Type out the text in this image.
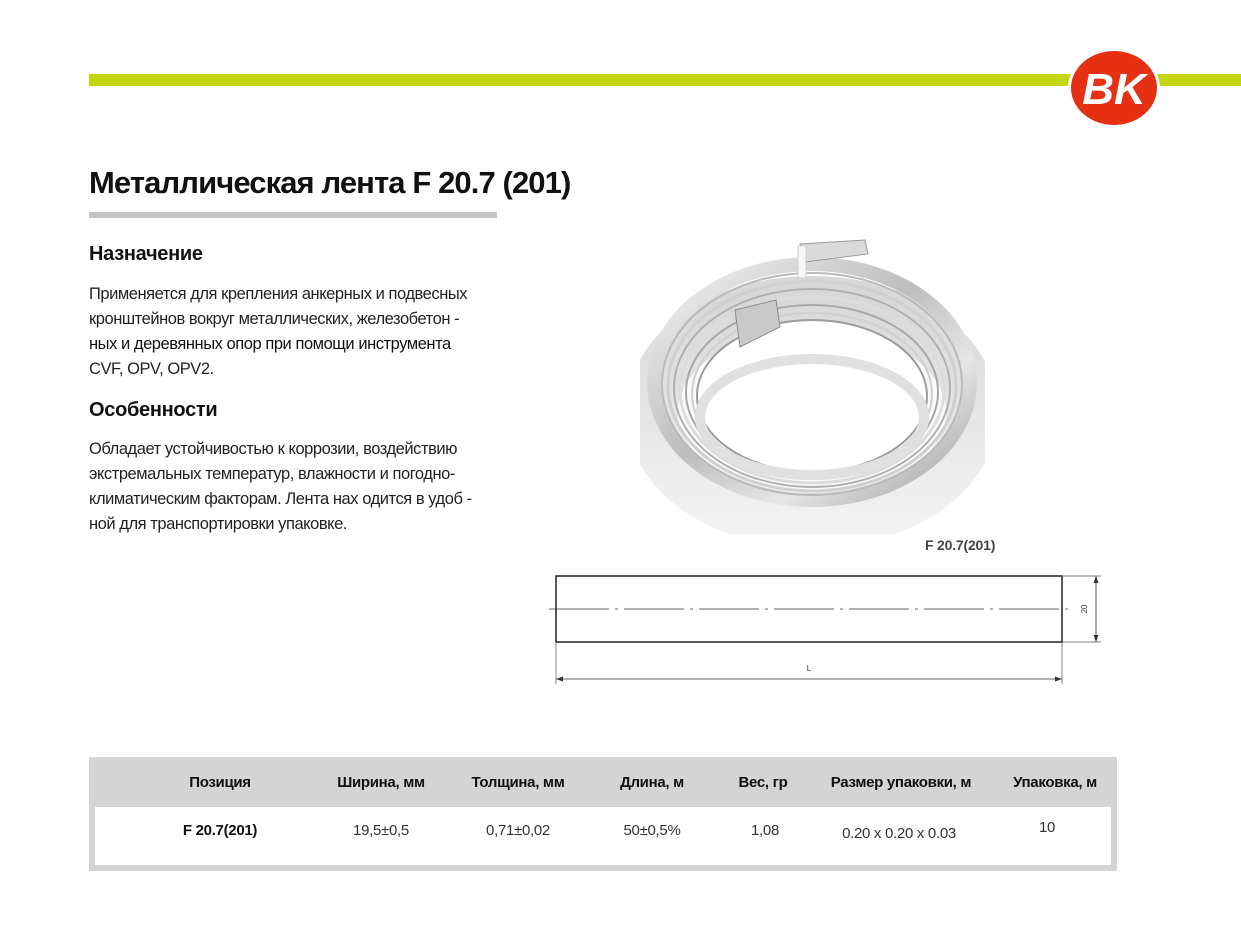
BK
Металлическая лента F 20.7 (201)
Назначение
Применяется для крепления анкерных и подвесных
кронштейнов вокруг металлических, железобетон -
ных и деревянных опор при помощи инструмента
CVF, OPV, OPV2.
Особенности
Обладает устойчивостью к коррозии, воздействию
экстремальных температур, влажности и погодно-
климатическим факторам. Лента нах одится в удоб -
ной для транспортировки упаковке.
F 20.7(201)
20
L
Позиция	Ширина, мм	Толщина, мм	Длина, м	Вес, гр	Размер упаковки, м	Упаковка, м
F 20.7(201)	19,5±0,5	0,71±0,02	50±0,5%	1,08	0.20 x 0.20 x 0.03	10
